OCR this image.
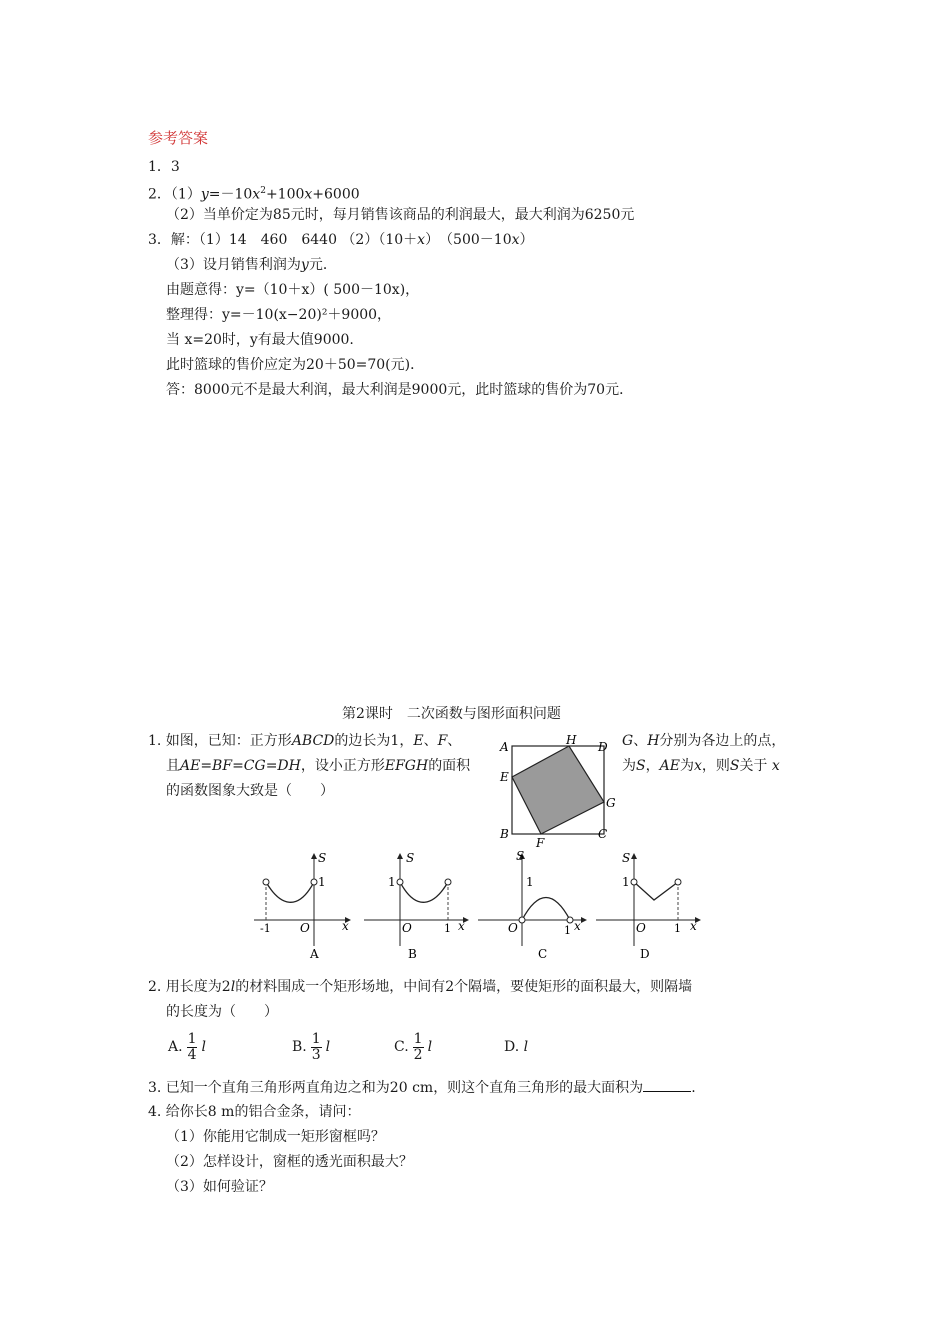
参考答案
1．3
2．$(1)y=-10x^2+100x+6000$
（2）当单价定为85元时，每月销售该商品的利润最大，最大利润为6250元
3．解：（1）14　460　6440 （2）（10＋x）　（500－10x）
（3）设月销售利润为y元．
由题意得：y=（10＋x）( 500－10x)，
整理得：y=－10(x−20)²＋9000，
当 x=20时，y有最大值9000.
此时篮球的售价应定为20＋50=70(元)．
答：8000元不是最大利润，最大利润是9000元，此时篮球的售价为70元．
第2课时　二次函数与图形面积问题
1. 如图，已知：正方形ABCD的边长为1，E、F、	G、H分别为各边上的点，
且AE=BF=CG=DH，设小正方形EFGH的面积	为S，AE为x，则S关于 x
的函数图象大致是（　　）
A
C
B
D
E
F
G
H
S
1
-1 O	x
A
S
1
1
O	x
B
S
1
1
O	x
C
S
1
1
O	x
D
2. 用长度为2l的材料围成一个矩形场地，中间有2个隔墙，要使矩形的面积最大，则隔墙
的长度为（　　）
A. $\frac{1}{4}$ l	B. $\frac{1}{3}$ l	C. $\frac{1}{2}$ l	D. l
3. 已知一个直角三角形两直角边之和为20 cm，则这个直角三角形的最大面积为	.
4. 给你长8 m的铝合金条，请问：
（1）你能用它制成一矩形窗框吗？
（2）怎样设计，窗框的透光面积最大？
（3）如何验证？
